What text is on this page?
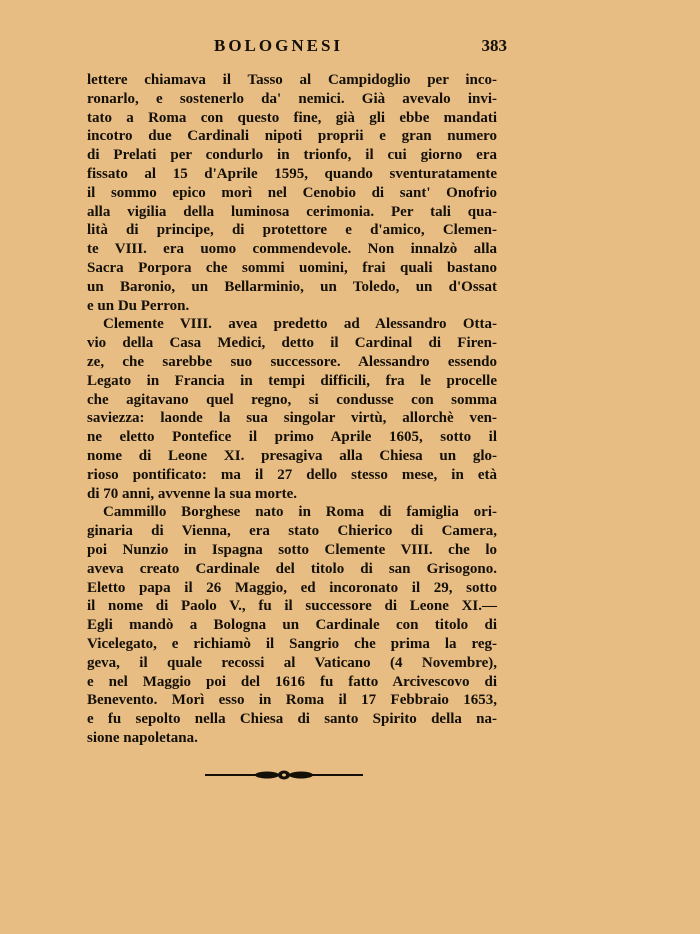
BOLOGNESI	383
lettere chiamava il Tasso al Campidoglio per inco-
ronarlo, e sostenerlo da' nemici. Già avevalo invi-
tato a Roma con questo fine, già gli ebbe mandati
incotro due Cardinali nipoti proprii e gran numero
di Prelati per condurlo in trionfo, il cui giorno era
fissato al 15 d'Aprile 1595, quando sventuratamente
il sommo epico morì nel Cenobio di sant' Onofrio
alla vigilia della luminosa cerimonia. Per tali qua-
lità di principe, di protettore e d'amico, Clemen-
te VIII. era uomo commendevole. Non innalzò alla
Sacra Porpora che sommi uomini, frai quali bastano
un Baronio, un Bellarminio, un Toledo, un d'Ossat
e un Du Perron.
Clemente VIII. avea predetto ad Alessandro Otta-
vio della Casa Medici, detto il Cardinal di Firen-
ze, che sarebbe suo successore. Alessandro essendo
Legato in Francia in tempi difficili, fra le procelle
che agitavano quel regno, si condusse con somma
saviezza: laonde la sua singolar virtù, allorchè ven-
ne eletto Pontefice il primo Aprile 1605, sotto il
nome di Leone XI. presagiva alla Chiesa un glo-
rioso pontificato: ma il 27 dello stesso mese, in età
di 70 anni, avvenne la sua morte.
Cammillo Borghese nato in Roma di famiglia ori-
ginaria di Vienna, era stato Chierico di Camera,
poi Nunzio in Ispagna sotto Clemente VIII. che lo
aveva creato Cardinale del titolo di san Grisogono.
Eletto papa il 26 Maggio, ed incoronato il 29, sotto
il nome di Paolo V., fu il successore di Leone XI.—
Egli mandò a Bologna un Cardinale con titolo di
Vicelegato, e richiamò il Sangrio che prima la reg-
geva, il quale recossi al Vaticano (4 Novembre),
e nel Maggio poi del 1616 fu fatto Arcivescovo di
Benevento. Morì esso in Roma il 17 Febbraio 1653,
e fu sepolto nella Chiesa di santo Spirito della na-
sione napoletana.
